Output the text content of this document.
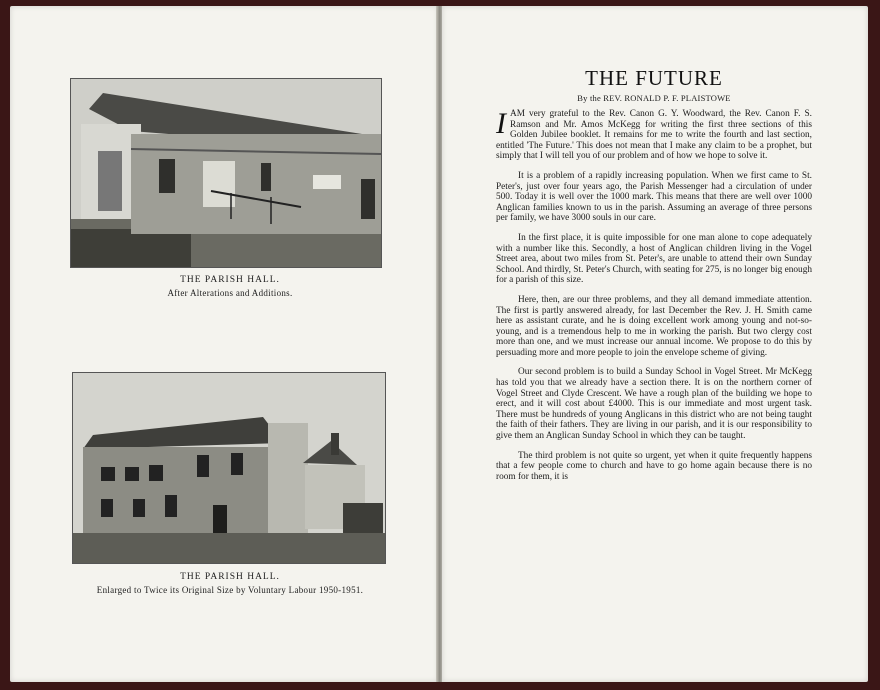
THE PARISH HALL.
After Alterations and Additions.
THE PARISH HALL.
Enlarged to Twice its Original Size by Voluntary Labour 1950-1951.
THE FUTURE
By the REV. RONALD P. F. PLAISTOWE

IAM very grateful to the Rev. Canon G. Y. Woodward, the Rev. Canon F. S. Ramson and Mr. Amos McKegg for writing the first three sections of this Golden Jubilee booklet. It remains for me to write the fourth and last section, entitled 'The Future.' This does not mean that I make any claim to be a prophet, but simply that I will tell you of our problem and of how we hope to solve it.

It is a problem of a rapidly increasing population. When we first came to St. Peter's, just over four years ago, the Parish Messenger had a circulation of under 500. Today it is well over the 1000 mark. This means that there are well over 1000 Anglican families known to us in the parish. Assuming an average of three persons per family, we have 3000 souls in our care.

In the first place, it is quite impossible for one man alone to cope adequately with a number like this. Secondly, a host of Anglican children living in the Vogel Street area, about two miles from St. Peter's, are unable to attend their own Sunday School. And thirdly, St. Peter's Church, with seating for 275, is no longer big enough for a parish of this size.

Here, then, are our three problems, and they all demand immediate attention. The first is partly answered already, for last December the Rev. J. H. Smith came here as assistant curate, and he is doing excellent work among young and not-so-young, and is a tremendous help to me in working the parish. But two clergy cost more than one, and we must increase our annual income. We propose to do this by persuading more and more people to join the envelope scheme of giving.

Our second problem is to build a Sunday School in Vogel Street. Mr McKegg has told you that we already have a section there. It is on the northern corner of Vogel Street and Clyde Crescent. We have a rough plan of the building we hope to erect, and it will cost about £4000. This is our immediate and most urgent task. There must be hundreds of young Anglicans in this district who are not being taught the faith of their fathers. They are living in our parish, and it is our responsibility to give them an Anglican Sunday School in which they can be taught.

The third problem is not quite so urgent, yet when it quite frequently happens that a few people come to church and have to go home again because there is no room for them, it is
